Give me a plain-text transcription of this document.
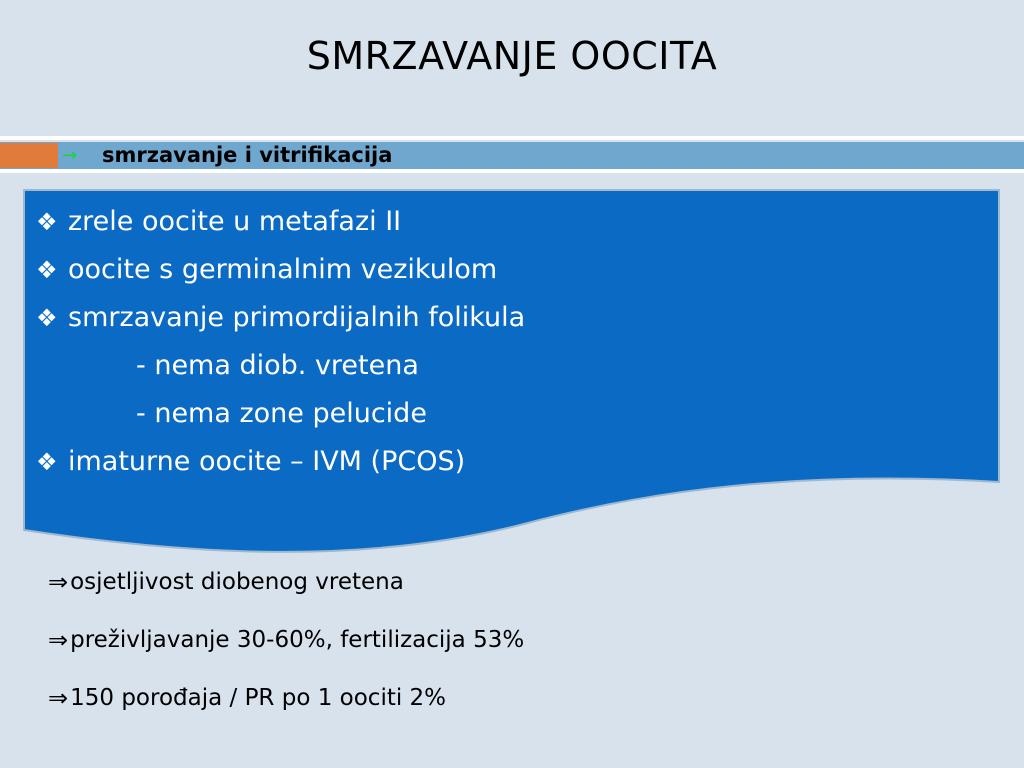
SMRZAVANJE OOCITA
→ smrzavanje i vitrifikacija
❖ zrele oocite u metafazi II
❖ oocite s germinalnim vezikulom
❖ smrzavanje primordijalnih folikula
- nema diob. vretena
- nema zone pelucide
❖ imaturne oocite – IVM (PCOS)
⇒ osjetljivost diobenog vretena
⇒ preživljavanje 30-60%, fertilizacija 53%
⇒ 150 porođaja / PR po 1 oociti 2%
